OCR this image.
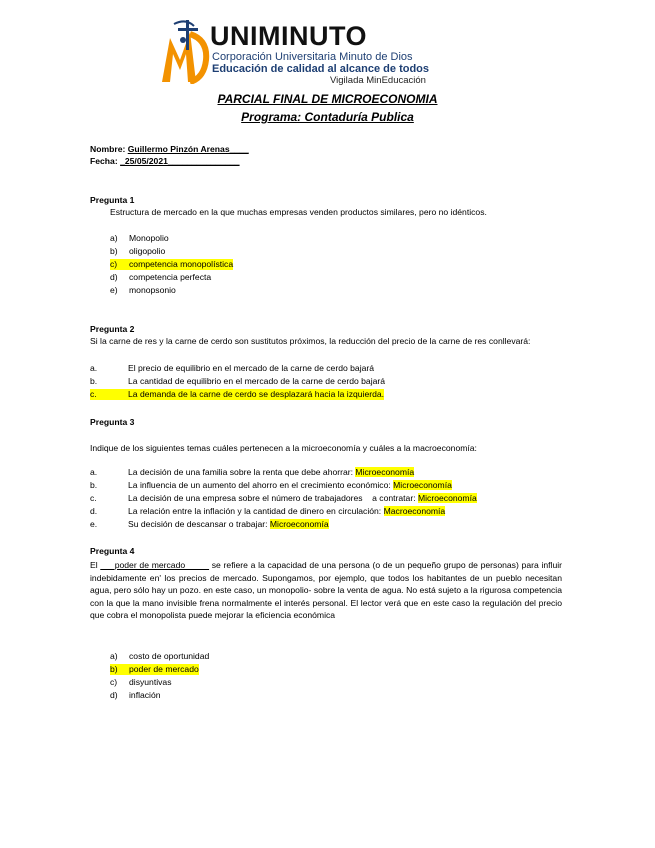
UNIMINUTO
Corporación Universitaria Minuto de Dios
Educación de calidad al alcance de todos
Vigilada MinEducación
PARCIAL FINAL DE MICROECONOMIA
Programa: Contaduría Publica
Nombre: Guillermo Pinzón Arenas____
Fecha: _25/05/2021_______________
Pregunta 1
Estructura de mercado en la que muchas empresas venden productos similares, pero no idénticos.
a) Monopolio
b) oligopolio
c) competencia monopolística
d) competencia perfecta
e) monopsonio
Pregunta 2
Si la carne de res y la carne de cerdo son sustitutos próximos, la reducción del precio de la carne de res conllevará:
a.	El precio de equilibrio en el mercado de la carne de cerdo bajará
b.	La cantidad de equilibrio en el mercado de la carne de cerdo bajará
c.	La demanda de la carne de cerdo se desplazará hacia la izquierda.
Pregunta 3
Indique de los siguientes temas cuáles pertenecen a la microeconomía y cuáles a la macroeconomía:
a.	La decisión de una familia sobre la renta que debe ahorrar: Microeconomía
b.	La influencia de un aumento del ahorro en el crecimiento económico: Microeconomía
c.	La decisión de una empresa sobre el número de trabajadores    a contratar: Microeconomía
d.	La relación entre la inflación y la cantidad de dinero en circulación: Macroeconomía
e.	Su decisión de descansar o trabajar: Microeconomía
Pregunta 4
El ___poder de mercado_____ se refiere a la capacidad de una persona (o de un pequeño grupo de personas) para influir indebidamente en' los precios de mercado. Supongamos, por ejemplo, que todos los habitantes de un pueblo necesitan agua, pero sólo hay un pozo. en este caso, un monopolio- sobre la venta de agua. No está sujeto a la rigurosa competencia con la que la mano invisible frena normalmente el interés personal. El lector verá que en este caso la regulación del precio que cobra el monopolista puede mejorar la eficiencia económica
a) costo de oportunidad
b) poder de mercado
c) disyuntivas
d) inflación
